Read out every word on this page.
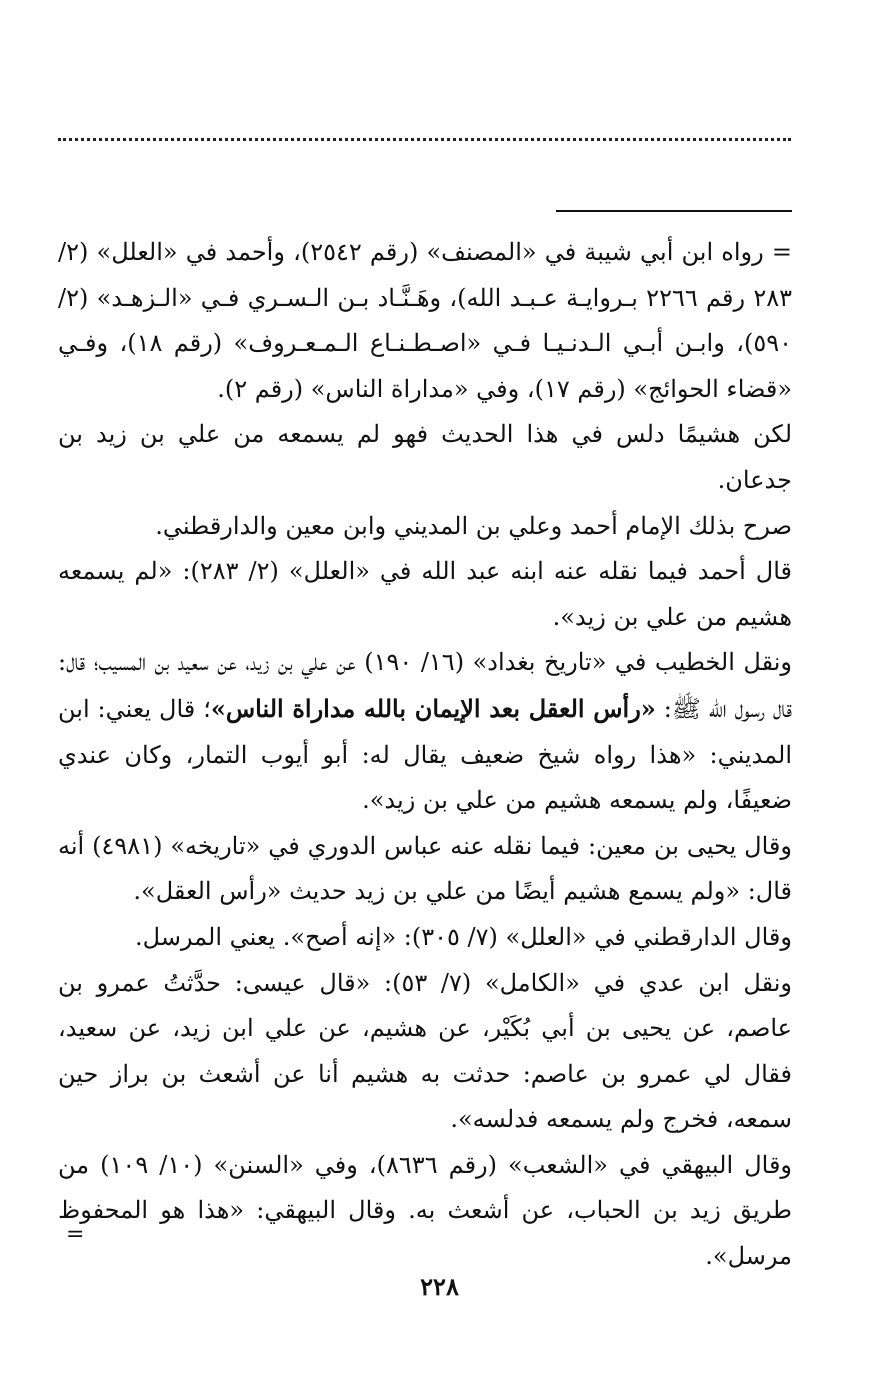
= رواه ابن أبي شيبة في «المصنف» (رقم ٢٥٤٢)، وأحمد في «العلل» (٢/ ٢٨٣ رقم ٢٢٦٦ بـروايـة عـبـد الله)، وهَـنَّـاد بـن الـسـري فـي «الـزهـد» (٢/ ٥٩٠)، وابـن أبـي الـدنـيـا فـي «اصـطـنـاع الـمـعـروف» (رقم ١٨)، وفـي «قضاء الحوائج» (رقم ١٧)، وفي «مداراة الناس» (رقم ٢).

لكن هشيمًا دلس في هذا الحديث فهو لم يسمعه من علي بن زيد بن جدعان.

صرح بذلك الإمام أحمد وعلي بن المديني وابن معين والدارقطني.

قال أحمد فيما نقله عنه ابنه عبد الله في «العلل» (٢/ ٢٨٣): «لم يسمعه هشيم من علي بن زيد».

ونقل الخطيب في «تاريخ بغداد» (١٦/ ١٩٠) عن علي بن زيد، عن سعيد بن المسيب؛ قال: قال رسول الله ﷺ: «رأس العقل بعد الإيمان بالله مداراة الناس»؛ قال يعني: ابن المديني: «هذا رواه شيخ ضعيف يقال له: أبو أيوب التمار، وكان عندي ضعيفًا، ولم يسمعه هشيم من علي بن زيد».

وقال يحيى بن معين: فيما نقله عنه عباس الدوري في «تاريخه» (٤٩٨١) أنه قال: «ولم يسمع هشيم أيضًا من علي بن زيد حديث «رأس العقل».

وقال الدارقطني في «العلل» (٧/ ٣٠٥): «إنه أصح». يعني المرسل.

ونقل ابن عدي في «الكامل» (٧/ ٥٣): «قال عيسى: حدَّثتُ عمرو بن عاصم، عن يحيى بن أبي بُكَيْر، عن هشيم، عن علي ابن زيد، عن سعيد، فقال لي عمرو بن عاصم: حدثت به هشيم أنا عن أشعث بن براز حين سمعه، فخرج ولم يسمعه فدلسه».

وقال البيهقي في «الشعب» (رقم ٨٦٣٦)، وفي «السنن» (١٠/ ١٠٩) من طريق زيد بن الحباب، عن أشعث به. وقال البيهقي: «هذا هو المحفوظ مرسل».

=
٢٢٨
